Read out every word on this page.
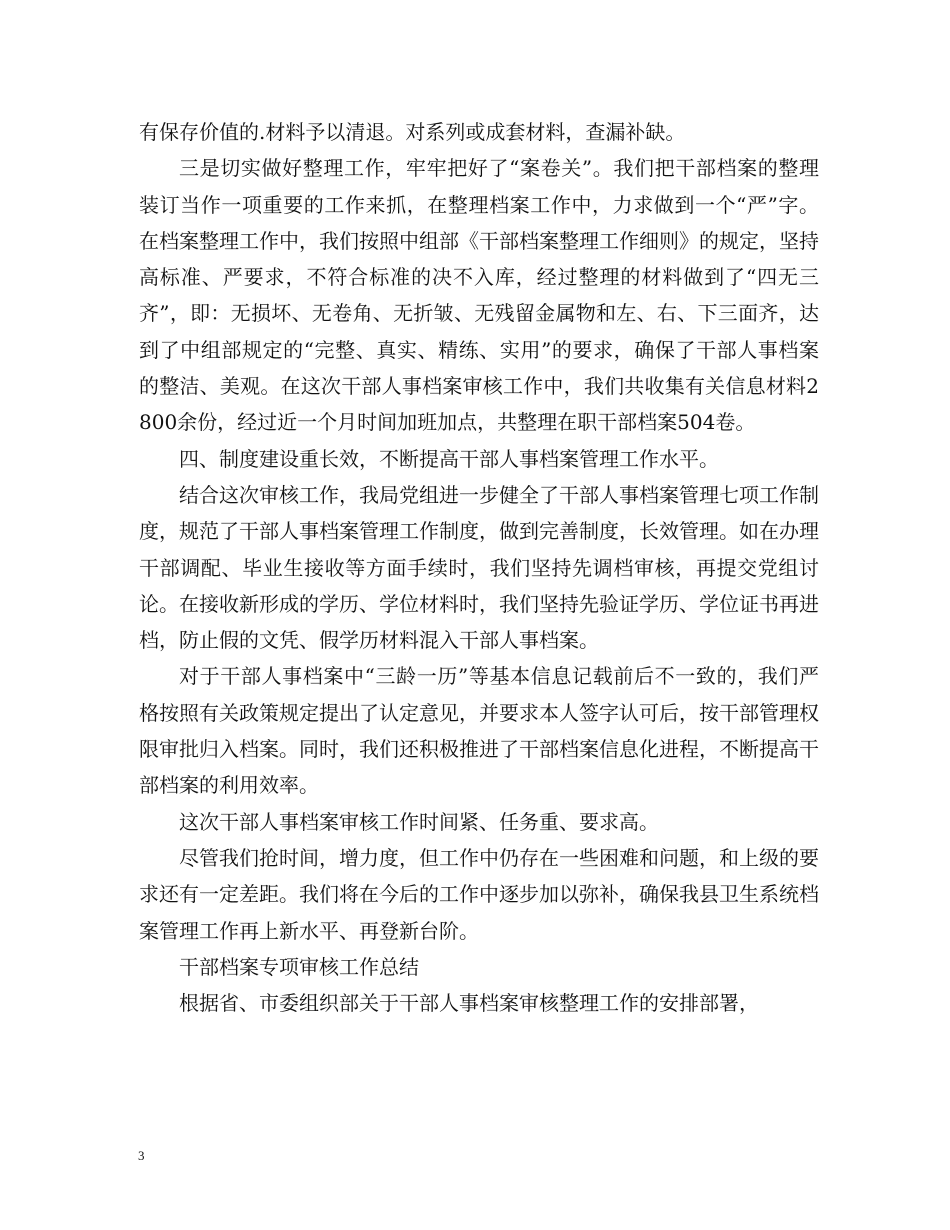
有保存价值的.材料予以清退。对系列或成套材料，查漏补缺。

三是切实做好整理工作，牢牢把好了“案卷关”。我们把干部档案的整理装订当作一项重要的工作来抓，在整理档案工作中，力求做到一个“严”字。在档案整理工作中，我们按照中组部《干部档案整理工作细则》的规定，坚持高标准、严要求，不符合标准的决不入库，经过整理的材料做到了“四无三齐”，即：无损坏、无卷角、无折皱、无残留金属物和左、右、下三面齐，达到了中组部规定的“完整、真实、精练、实用”的要求，确保了干部人事档案的整洁、美观。在这次干部人事档案审核工作中，我们共收集有关信息材料2800余份，经过近一个月时间加班加点，共整理在职干部档案504卷。

四、制度建设重长效，不断提高干部人事档案管理工作水平。

结合这次审核工作，我局党组进一步健全了干部人事档案管理七项工作制度，规范了干部人事档案管理工作制度，做到完善制度，长效管理。如在办理干部调配、毕业生接收等方面手续时，我们坚持先调档审核，再提交党组讨论。在接收新形成的学历、学位材料时，我们坚持先验证学历、学位证书再进档，防止假的文凭、假学历材料混入干部人事档案。

对于干部人事档案中“三龄一历”等基本信息记载前后不一致的，我们严格按照有关政策规定提出了认定意见，并要求本人签字认可后，按干部管理权限审批归入档案。同时，我们还积极推进了干部档案信息化进程，不断提高干部档案的利用效率。

这次干部人事档案审核工作时间紧、任务重、要求高。

尽管我们抢时间，增力度，但工作中仍存在一些困难和问题，和上级的要求还有一定差距。我们将在今后的工作中逐步加以弥补，确保我县卫生系统档案管理工作再上新水平、再登新台阶。

干部档案专项审核工作总结

根据省、市委组织部关于干部人事档案审核整理工作的安排部署，

3
